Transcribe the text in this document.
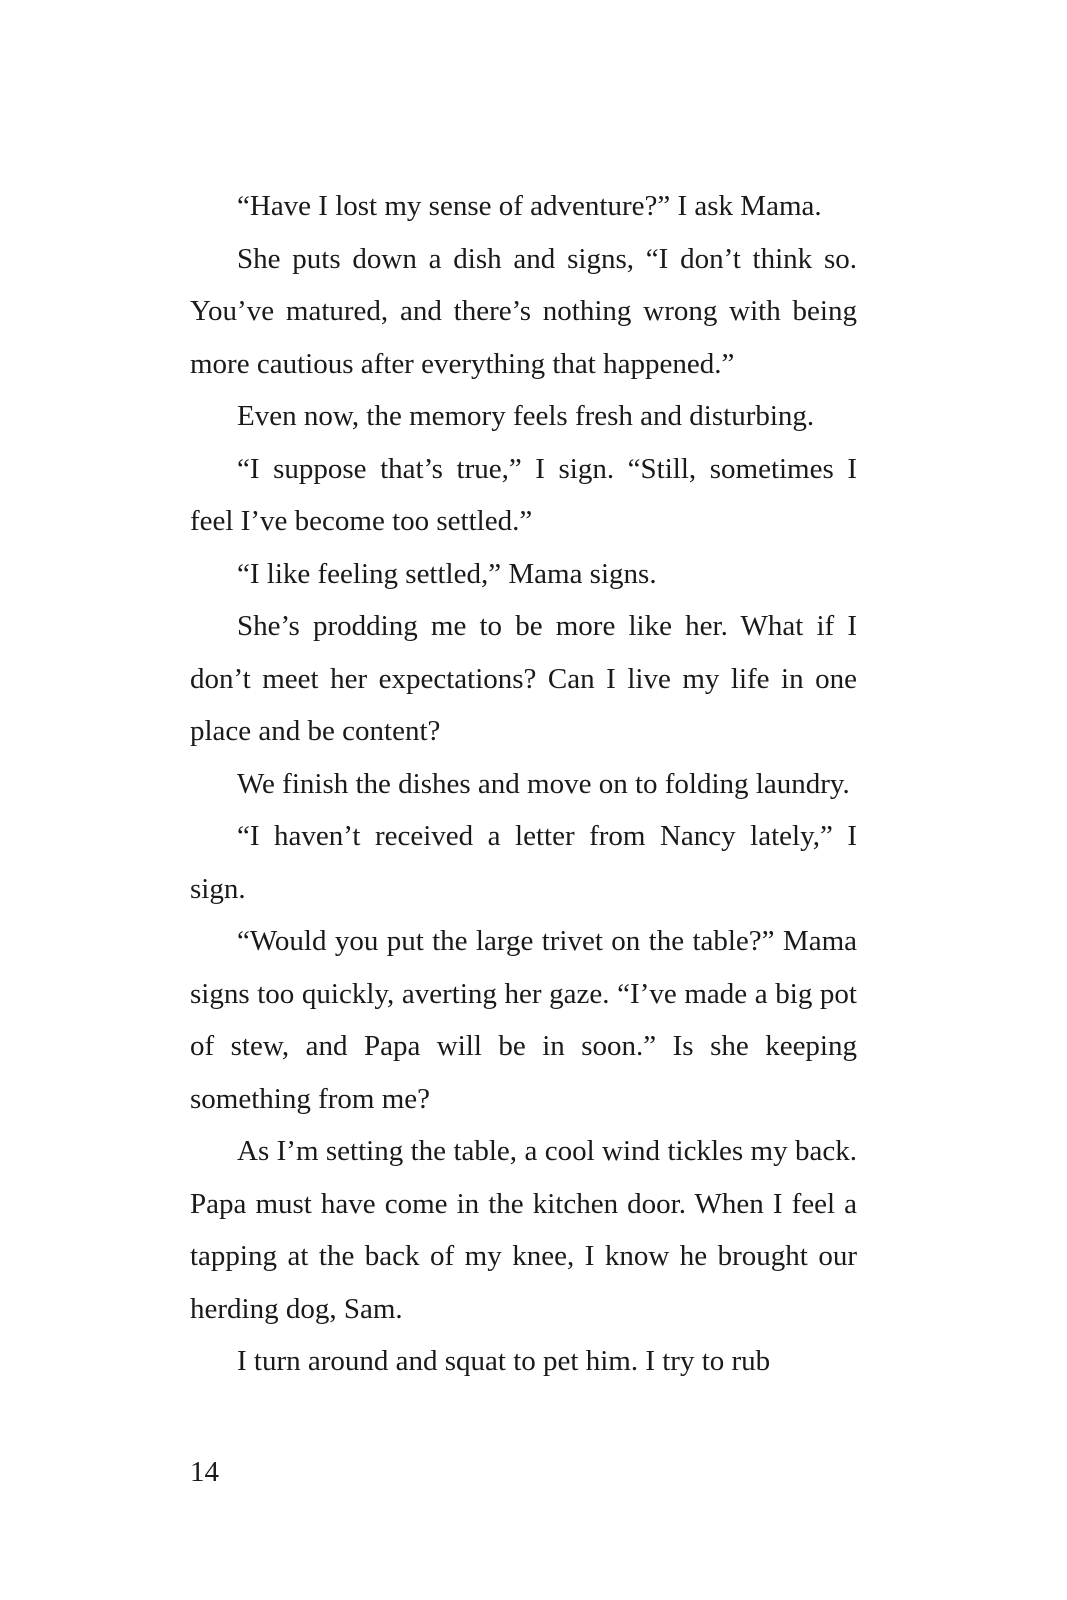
“Have I lost my sense of adventure?” I ask Mama.

She puts down a dish and signs, “I don’t think so. You’ve matured, and there’s nothing wrong with being more cautious after everything that happened.”

Even now, the memory feels fresh and disturbing.

“I suppose that’s true,” I sign. “Still, sometimes I feel I’ve become too settled.”

“I like feeling settled,” Mama signs.

She’s prodding me to be more like her. What if I don’t meet her expectations? Can I live my life in one place and be content?

We finish the dishes and move on to folding laundry.

“I haven’t received a letter from Nancy lately,” I sign.

“Would you put the large trivet on the table?” Mama signs too quickly, averting her gaze. “I’ve made a big pot of stew, and Papa will be in soon.” Is she keeping something from me?

As I’m setting the table, a cool wind tickles my back. Papa must have come in the kitchen door. When I feel a tapping at the back of my knee, I know he brought our herding dog, Sam.

I turn around and squat to pet him. I try to rub

14
